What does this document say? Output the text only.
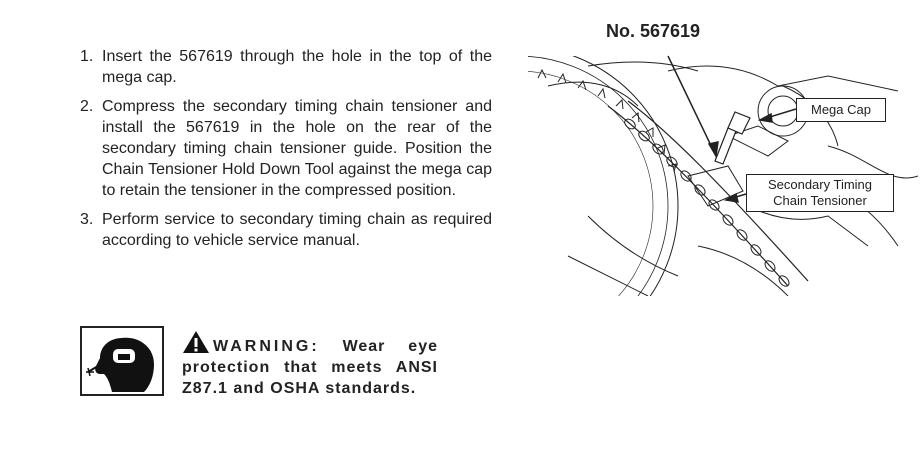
1. Insert the 567619 through the hole in the top of the mega cap.
2. Compress the secondary timing chain tensioner and install the 567619 in the hole on the rear of the secondary timing chain tensioner guide. Position the Chain Tensioner Hold Down Tool against the mega cap to retain the tensioner in the compressed position.
3. Perform service to secondary timing chain as required according to vehicle service manual.
No. 567619
Mega Cap
Secondary Timing
Chain Tensioner
WARNING: Wear eye protection that meets ANSI Z87.1 and OSHA standards.
